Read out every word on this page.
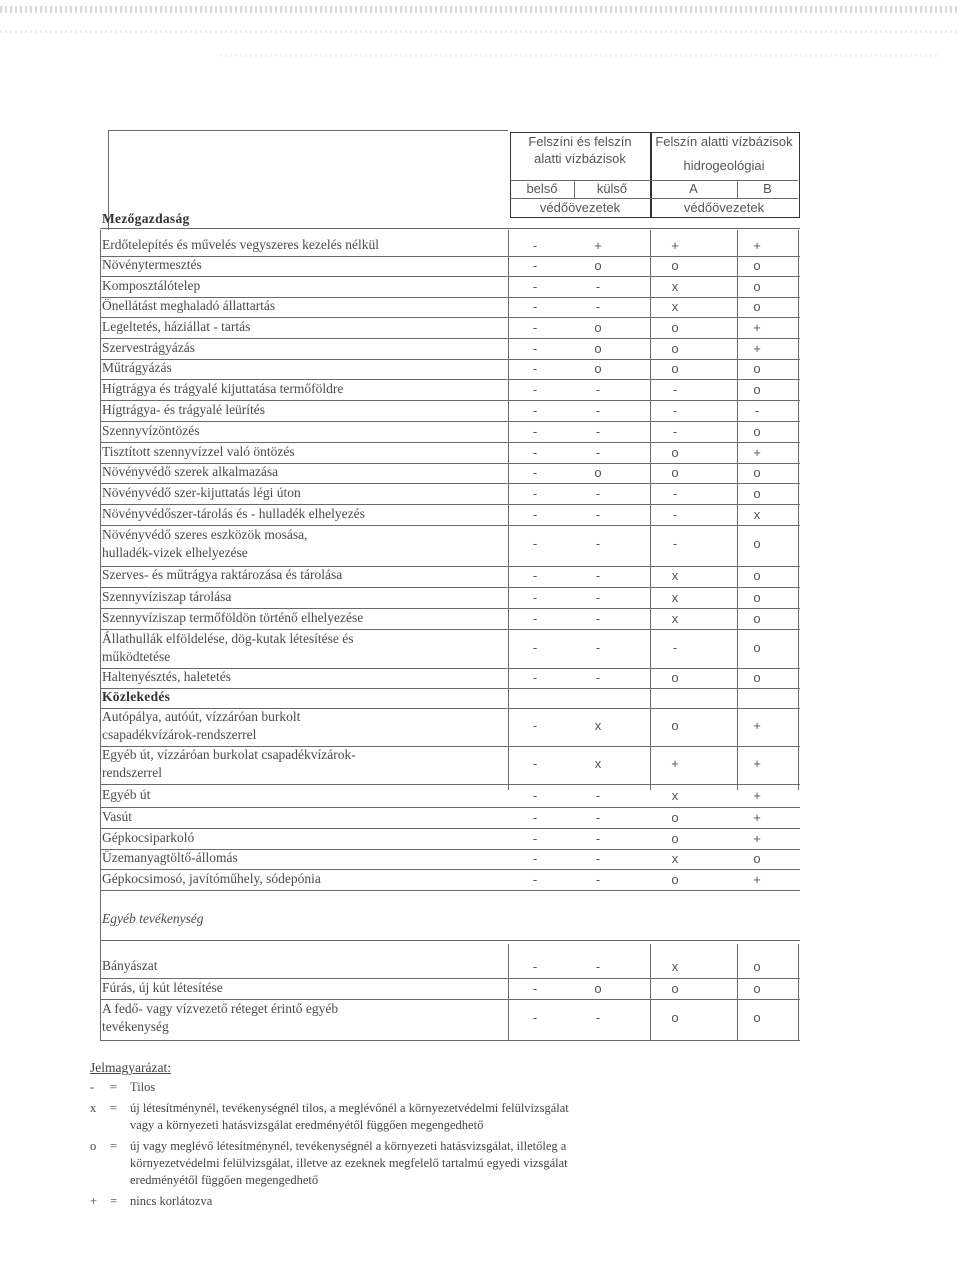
Felszíni és felszín
alatti vízbázisok
Felszín alatti vízbázisok
hidrogeológiai
belső	külső	A	B
védőövezetek	védőövezetek
Mezőgazdaság
Erdőtelepítés és művelés vegyszeres kezelés nélkül	-	+	+	+
Növénytermesztés	-	o	o	o
Komposztálótelep	-	-	x	o
Önellátást meghaladó állattartás	-	-	x	o
Legeltetés, háziállat - tartás	-	o	o	+
Szervestrágyázás	-	o	o	+
Műtrágyázás	-	o	o	o
Hígtrágya és trágyalé kijuttatása termőföldre	-	-	-	o
Hígtrágya- és trágyalé leürítés	-	-	-	-
Szennyvízöntözés	-	-	-	o
Tisztított szennyvízzel való öntözés	-	-	o	+
Növényvédő szerek alkalmazása	-	o	o	o
Növényvédő szer-kijuttatás légi úton	-	-	-	o
Növényvédőszer-tárolás és - hulladék elhelyezés	-	-	-	x
Növényvédő szeres eszközök mosása,
hulladék-vizek elhelyezése
-	-	-	o
Szerves- és műtrágya raktározása és tárolása	-	-	x	o
Szennyvíziszap tárolása	-	-	x	o
Szennyvíziszap termőföldön történő elhelyezése	-	-	x	o
Állathullák elföldelése, dög-kutak létesítése és
működtetése
-	-	-	o
Haltenyésztés, haletetés	-	-	o	o
Közlekedés
Autópálya, autóút, vízzáróan burkolt
csapadékvízárok-rendszerrel
-	x	o	+
Egyéb út, vízzáróan burkolat csapadékvízárok-
rendszerrel
-	x	+	+
Egyéb út	-	-	x	+
Vasút	-	-	o	+
Gépkocsiparkoló	-	-	o	+
Üzemanyagtöltő-állomás	-	-	x	o
Gépkocsimosó, javítóműhely, sódepónia	-	-	o	+
Egyéb tevékenység
Bányászat	-	-	x	o
Fúrás, új kút létesítése	-	o	o	o
A fedő- vagy vízvezető réteget érintő egyéb
tevékenység
-	-	o	o
Jelmagyarázat:
- = Tilos
x = új létesítménynél, tevékenységnél tilos, a meglévőnél a környezetvédelmi felülvizsgálat
vagy a környezeti hatásvizsgálat eredményétől függően megengedhető
o = új vagy meglévő létesítménynél, tevékenységnél a környezeti hatásvizsgálat, illetőleg a
környezetvédelmi felülvizsgálat, illetve az ezeknek megfelelő tartalmú egyedi vizsgálat
eredményétől függően megengedhető
+ = nincs korlátozva
